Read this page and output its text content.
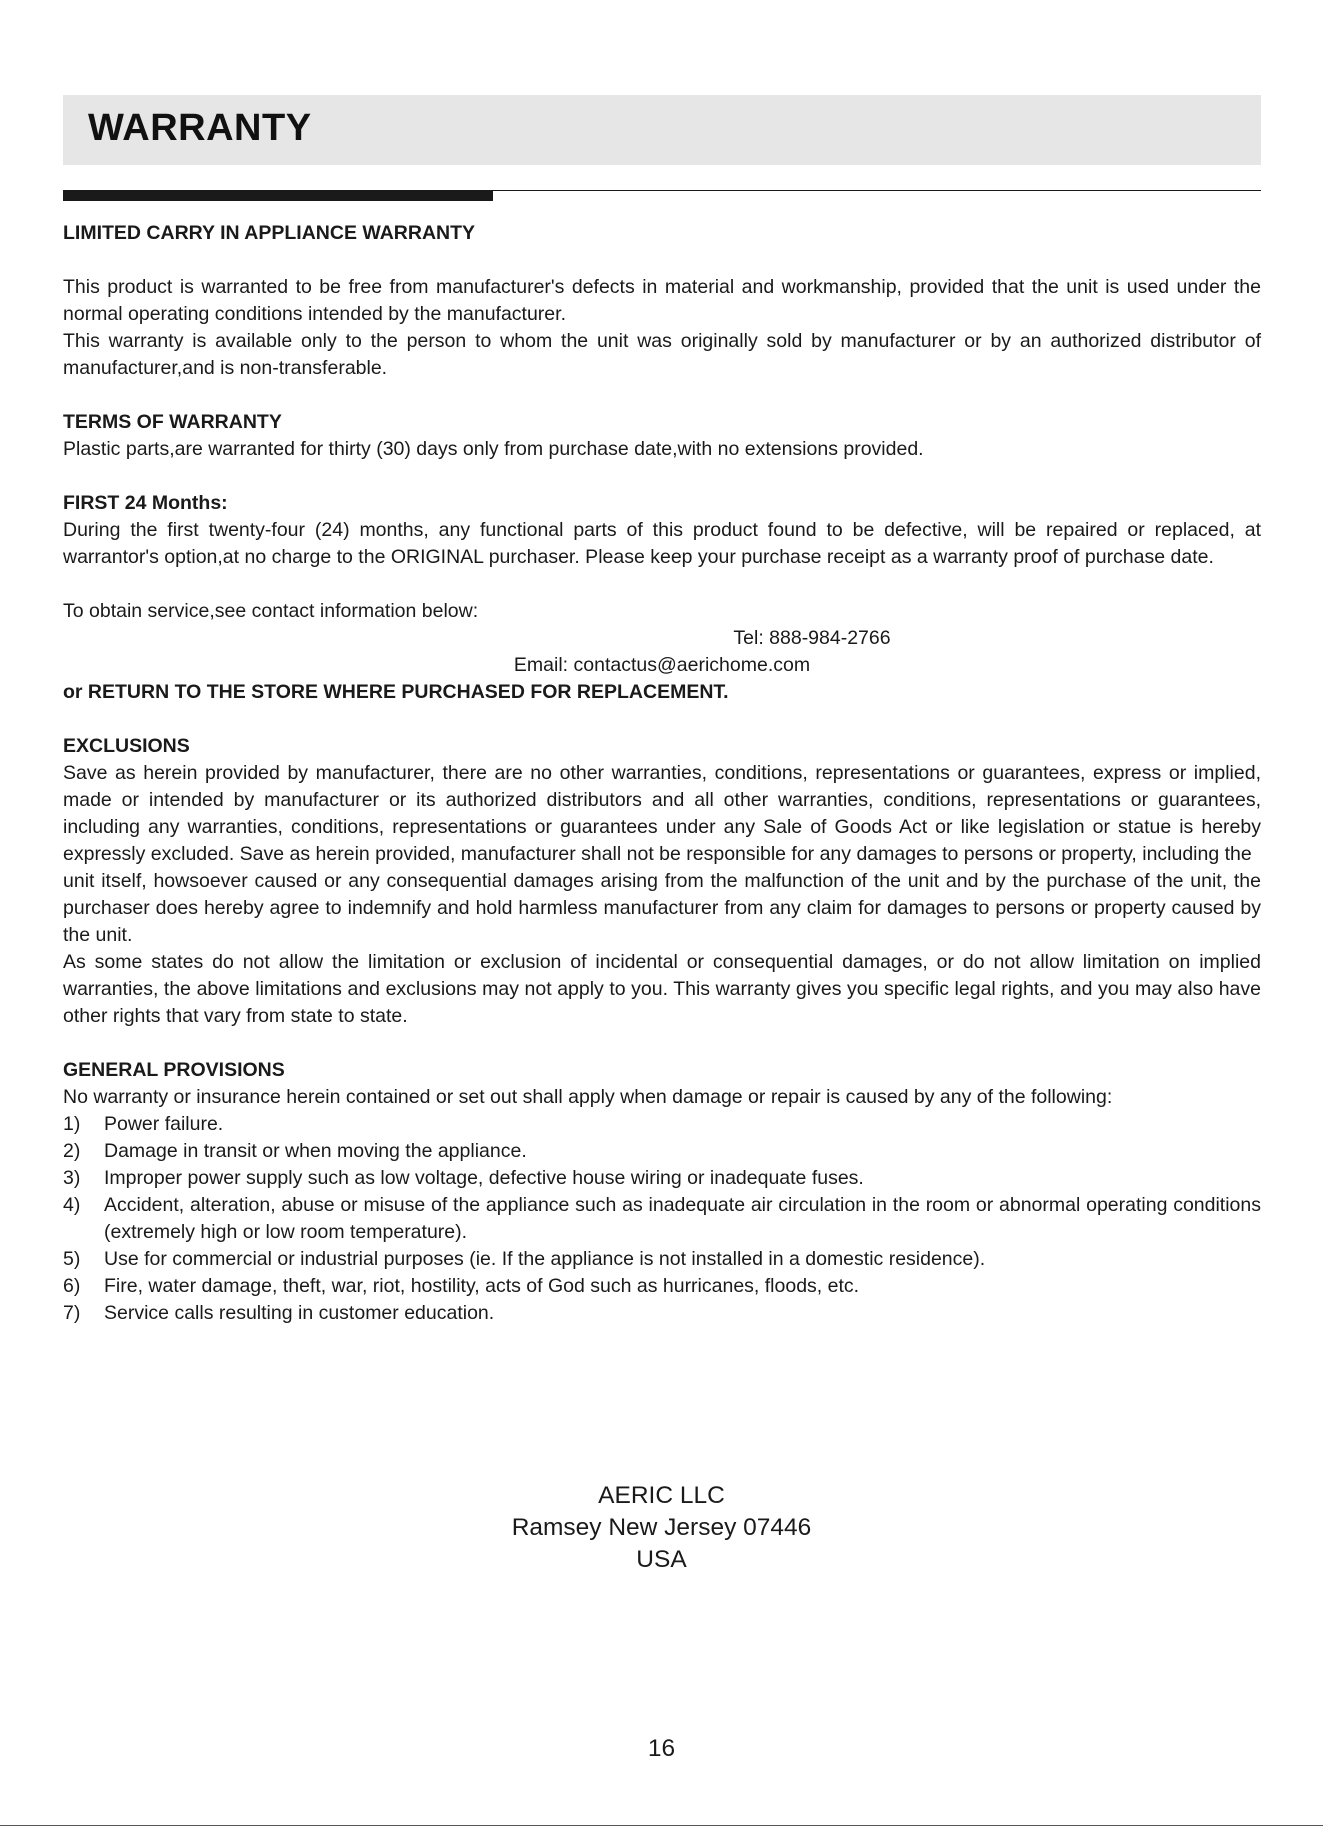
WARRANTY
LIMITED CARRY IN APPLIANCE WARRANTY

This product is warranted to be free from manufacturer's defects in material and workmanship, provided that the unit is used under the normal operating conditions intended by the manufacturer.

This warranty is available only to the person to whom the unit was originally sold by manufacturer or by an authorized distributor of manufacturer,and is non-transferable.

TERMS OF WARRANTY

Plastic parts,are warranted for thirty (30) days only from purchase date,with no extensions provided.

FIRST 24 Months:

During the first twenty-four (24) months, any functional parts of this product found to be defective, will be repaired or replaced, at warrantor's option,at no charge to the ORIGINAL purchaser. Please keep your purchase receipt as a warranty proof of purchase date.

To obtain service,see contact information below:

Tel: 888-984-2766

Email: contactus@aerichome.com

or RETURN TO THE STORE WHERE PURCHASED FOR REPLACEMENT.

EXCLUSIONS

Save as herein provided by manufacturer, there are no other warranties, conditions, representations or guarantees, express or implied, made or intended by manufacturer or its authorized distributors and all other warranties, conditions, representations or guarantees, including any warranties, conditions, representations or guarantees under any Sale of Goods Act or like legislation or statue is hereby expressly excluded. Save as herein provided, manufacturer shall not be responsible for any damages to persons or property, including the

unit itself, howsoever caused or any consequential damages arising from the malfunction of the unit and by the purchase of the unit, the purchaser does hereby agree to indemnify and hold harmless manufacturer from any claim for damages to persons or property caused by the unit.

As some states do not allow the limitation or exclusion of incidental or consequential damages, or do not allow limitation on implied warranties, the above limitations and exclusions may not apply to you. This warranty gives you specific legal rights, and you may also have other rights that vary from state to state.

GENERAL PROVISIONS

No warranty or insurance herein contained or set out shall apply when damage or repair is caused by any of the following:

1)	Power failure.
2)	Damage in transit or when moving the appliance.
3)	Improper power supply such as low voltage, defective house wiring or inadequate fuses.
4)	Accident, alteration, abuse or misuse of the appliance such as inadequate air circulation in the room or abnormal operating conditions (extremely high or low room temperature).
5)	Use for commercial or industrial purposes (ie. If the appliance is not installed in a domestic residence).
6)	Fire, water damage, theft, war, riot, hostility, acts of God such as hurricanes, floods, etc.
7)	Service calls resulting in customer education.
AERIC LLC
Ramsey New Jersey 07446
USA
16
